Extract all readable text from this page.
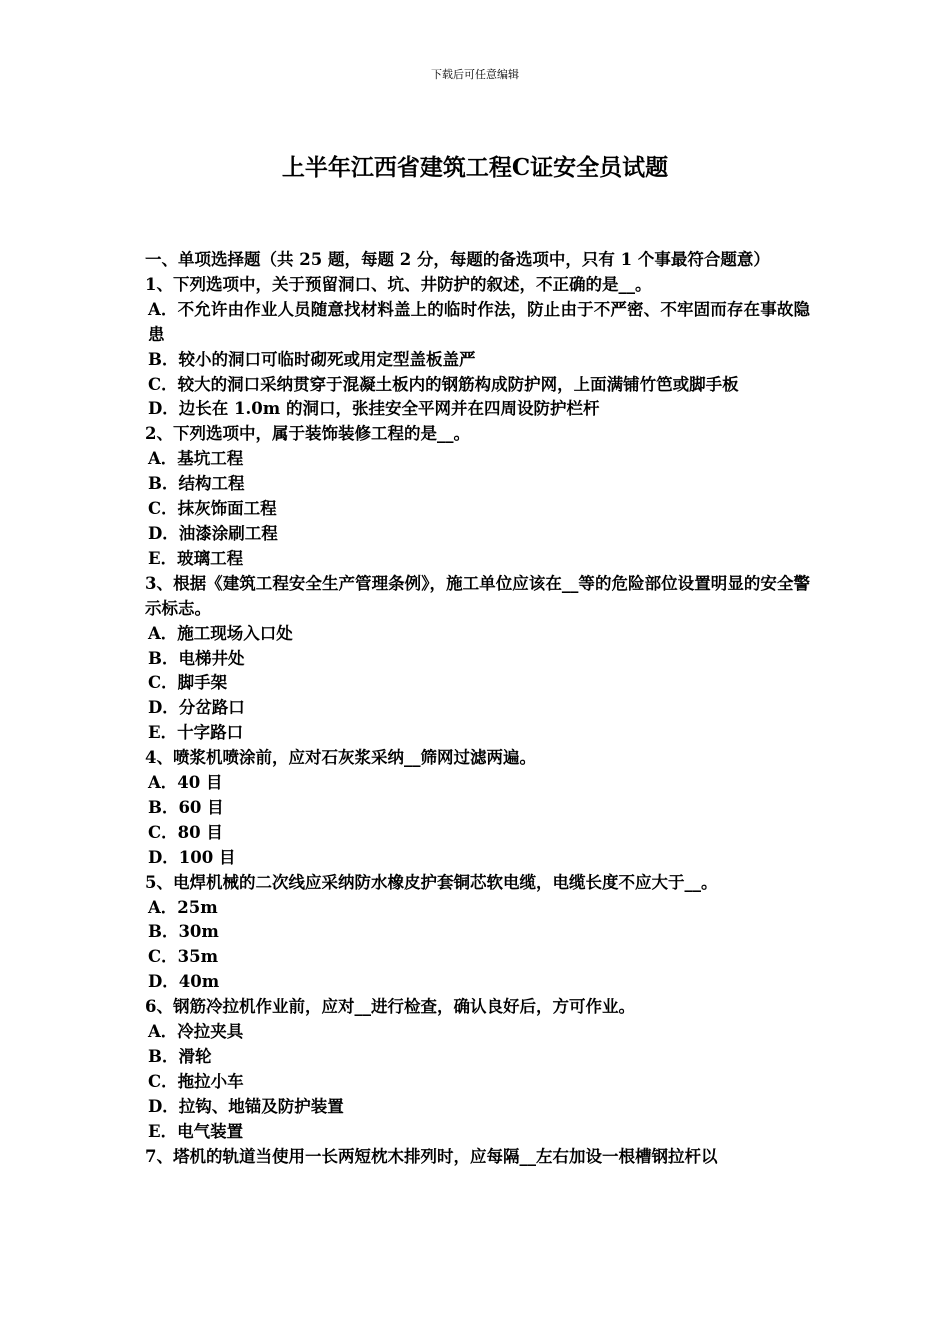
下载后可任意编辑
上半年江西省建筑工程C证安全员试题

一、单项选择题（共 25 题，每题 2 分，每题的备选项中，只有 1 个事最符合题意）

1、下列选项中，关于预留洞口、坑、井防护的叙述，不正确的是__。

A．不允许由作业人员随意找材料盖上的临时作法，防止由于不严密、不牢固而存在事故隐患

B．较小的洞口可临时砌死或用定型盖板盖严

C．较大的洞口采纳贯穿于混凝土板内的钢筋构成防护网，上面满铺竹笆或脚手板

D．边长在 1.0m 的洞口，张挂安全平网并在四周设防护栏杆

2、下列选项中，属于装饰装修工程的是__。

A．基坑工程

B．结构工程

C．抹灰饰面工程

D．油漆涂刷工程

E．玻璃工程

3、根据《建筑工程安全生产管理条例》，施工单位应该在__等的危险部位设置明显的安全警示标志。

A．施工现场入口处

B．电梯井处

C．脚手架

D．分岔路口

E．十字路口

4、喷浆机喷涂前，应对石灰浆采纳__筛网过滤两遍。

A．40 目

B．60 目

C．80 目

D．100 目

5、电焊机械的二次线应采纳防水橡皮护套铜芯软电缆，电缆长度不应大于__。

A．25m

B．30m

C．35m

D．40m

6、钢筋冷拉机作业前，应对__进行检查，确认良好后，方可作业。

A．冷拉夹具

B．滑轮

C．拖拉小车

D．拉钩、地锚及防护装置

E．电气装置

7、塔机的轨道当使用一长两短枕木排列时，应每隔__左右加设一根槽钢拉杆以
